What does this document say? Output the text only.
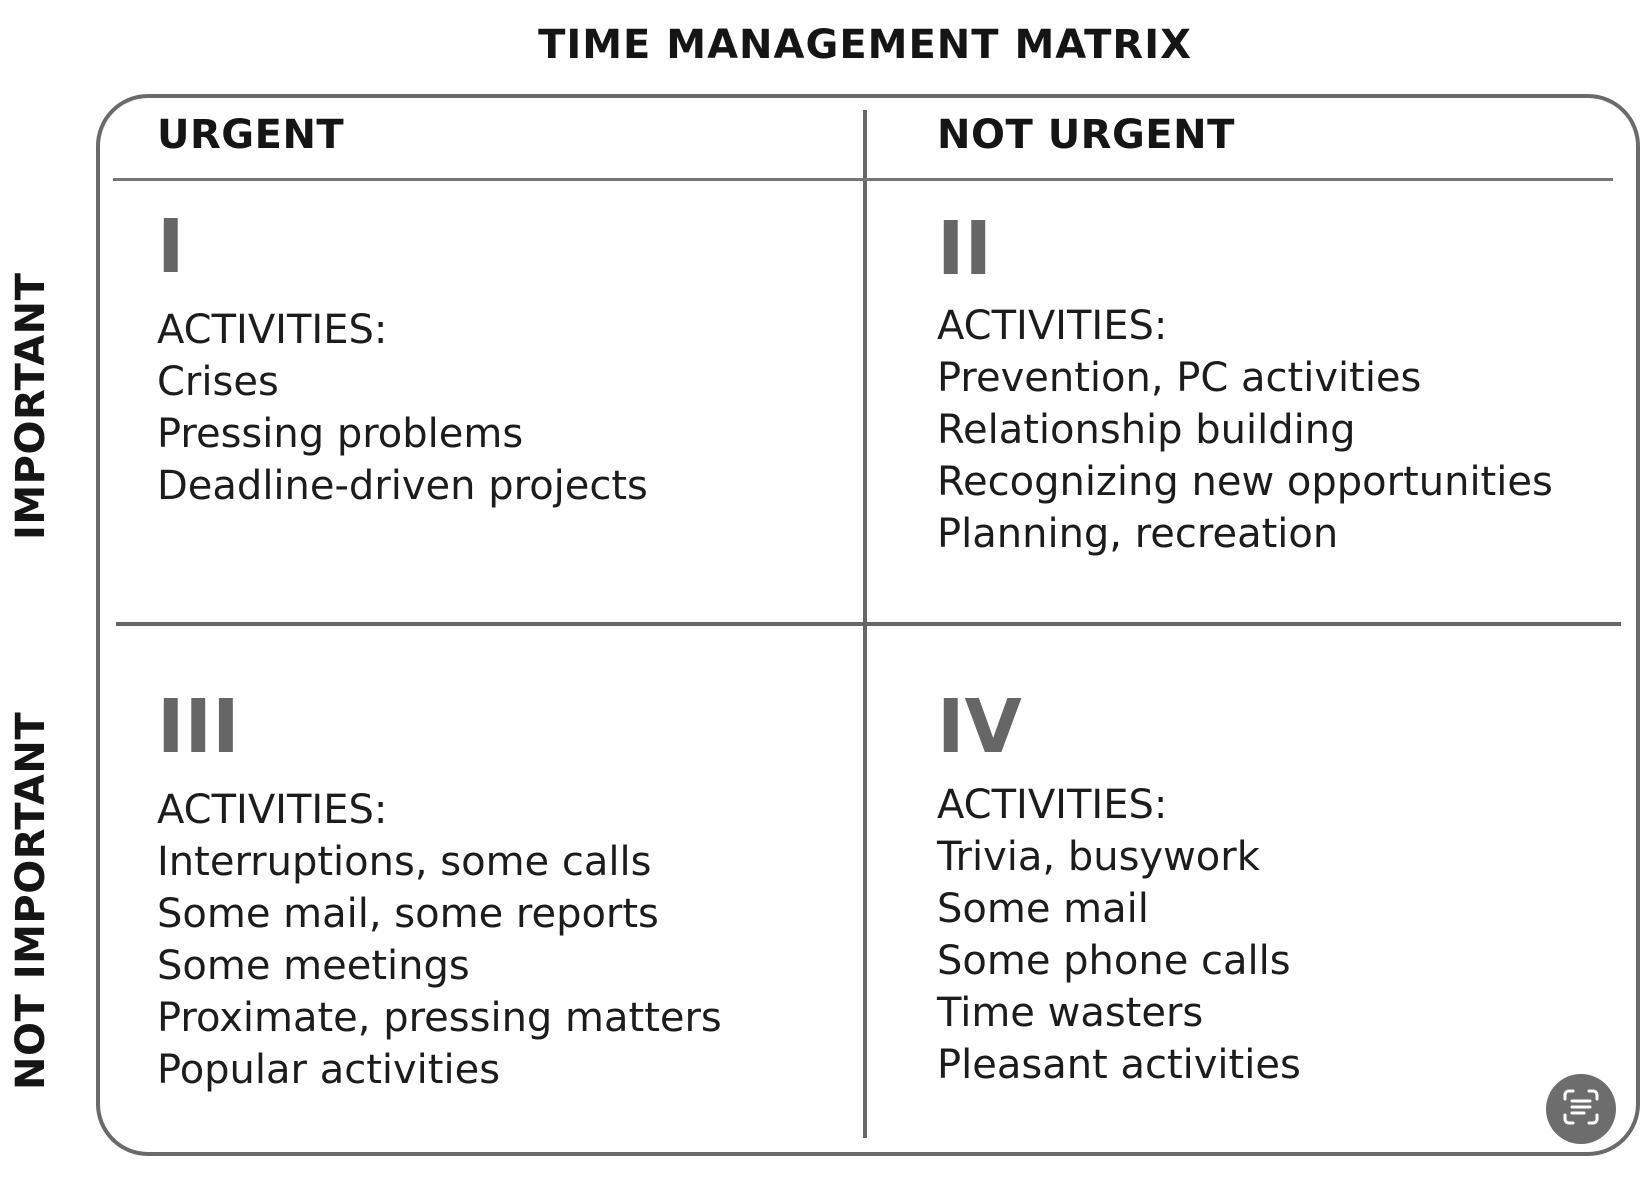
TIME MANAGEMENT MATRIX
URGENT	NOT URGENT
IMPORTANT
NOT IMPORTANT
I
ACTIVITIES:
Crises
Pressing problems
Deadline-driven projects
II
ACTIVITIES:
Prevention, PC activities
Relationship building
Recognizing new opportunities
Planning, recreation
III
ACTIVITIES:
Interruptions, some calls
Some mail, some reports
Some meetings
Proximate, pressing matters
Popular activities
IV
ACTIVITIES:
Trivia, busywork
Some mail
Some phone calls
Time wasters
Pleasant activities
